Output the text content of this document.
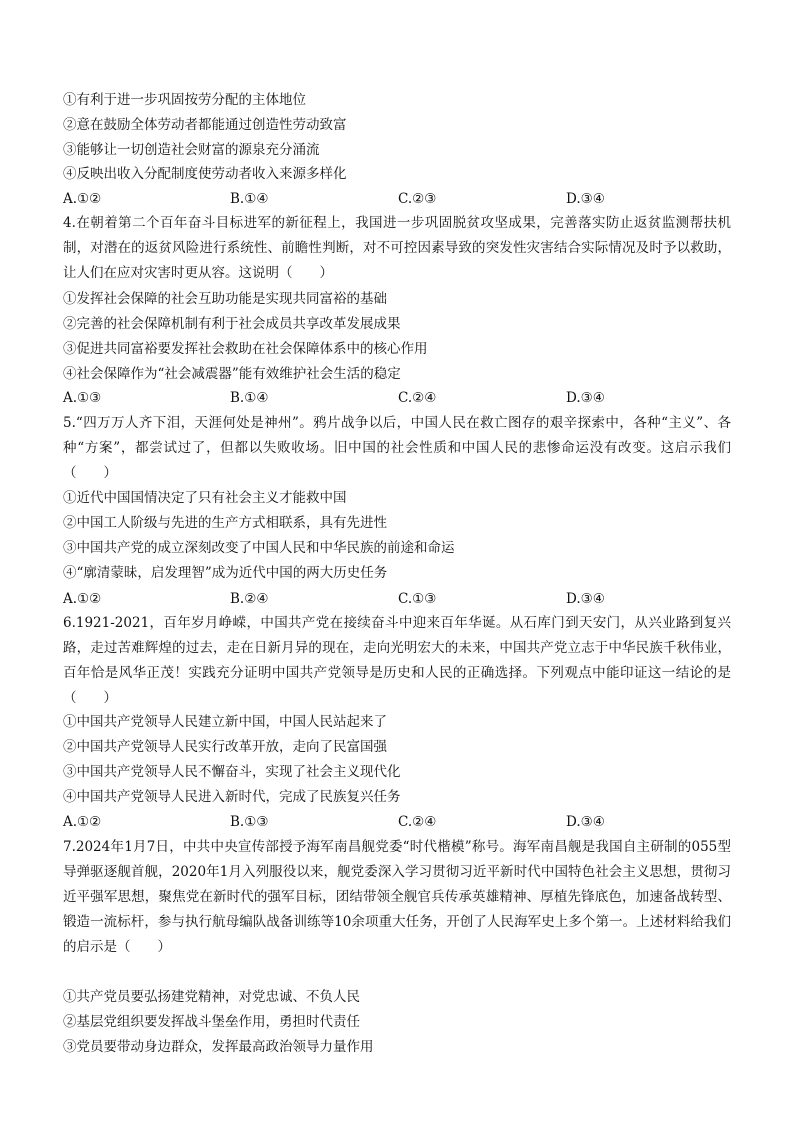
①有利于进一步巩固按劳分配的主体地位
②意在鼓励全体劳动者都能通过创造性劳动致富
③能够让一切创造社会财富的源泉充分涌流
④反映出收入分配制度使劳动者收入来源多样化
A.①②	B.①④	C.②③	D.③④
4.在朝着第二个百年奋斗目标进军的新征程上，我国进一步巩固脱贫攻坚成果，完善落实防止返贫监测帮扶机制，对潜在的返贫风险进行系统性、前瞻性判断，对不可控因素导致的突发性灾害结合实际情况及时予以救助，让人们在应对灾害时更从容。这说明（　　）
①发挥社会保障的社会互助功能是实现共同富裕的基础
②完善的社会保障机制有利于社会成员共享改革发展成果
③促进共同富裕要发挥社会救助在社会保障体系中的核心作用
④社会保障作为“社会减震器”能有效维护社会生活的稳定
A.①③	B.①④	C.②④	D.③④
5.“四万万人齐下泪，天涯何处是神州”。鸦片战争以后，中国人民在救亡图存的艰辛探索中，各种“主义”、各种“方案”，都尝试过了，但都以失败收场。旧中国的社会性质和中国人民的悲惨命运没有改变。这启示我们（　　）
①近代中国国情决定了只有社会主义才能救中国
②中国工人阶级与先进的生产方式相联系，具有先进性
③中国共产党的成立深刻改变了中国人民和中华民族的前途和命运
④“廓清蒙昧，启发理智”成为近代中国的两大历史任务
A.①②	B.②④	C.①③	D.③④
6.1921-2021，百年岁月峥嵘，中国共产党在接续奋斗中迎来百年华诞。从石库门到天安门，从兴业路到复兴路，走过苦难辉煌的过去，走在日新月异的现在，走向光明宏大的未来，中国共产党立志于中华民族千秋伟业，百年恰是风华正茂！实践充分证明中国共产党领导是历史和人民的正确选择。下列观点中能印证这一结论的是（　　）
①中国共产党领导人民建立新中国，中国人民站起来了
②中国共产党领导人民实行改革开放，走向了民富国强
③中国共产党领导人民不懈奋斗，实现了社会主义现代化
④中国共产党领导人民进入新时代，完成了民族复兴任务
A.①②	B.①③	C.②④	D.③④
7.2024年1月7日，中共中央宣传部授予海军南昌舰党委“时代楷模”称号。海军南昌舰是我国自主研制的055型导弹驱逐舰首舰，2020年1月入列服役以来，舰党委深入学习贯彻习近平新时代中国特色社会主义思想，贯彻习近平强军思想，聚焦党在新时代的强军目标，团结带领全舰官兵传承英雄精神、厚植先锋底色，加速备战转型、锻造一流标杆，参与执行航母编队战备训练等10余项重大任务，开创了人民海军史上多个第一。上述材料给我们的启示是（　　）
①共产党员要弘扬建党精神，对党忠诚、不负人民
②基层党组织要发挥战斗堡垒作用，勇担时代责任
③党员要带动身边群众，发挥最高政治领导力量作用
